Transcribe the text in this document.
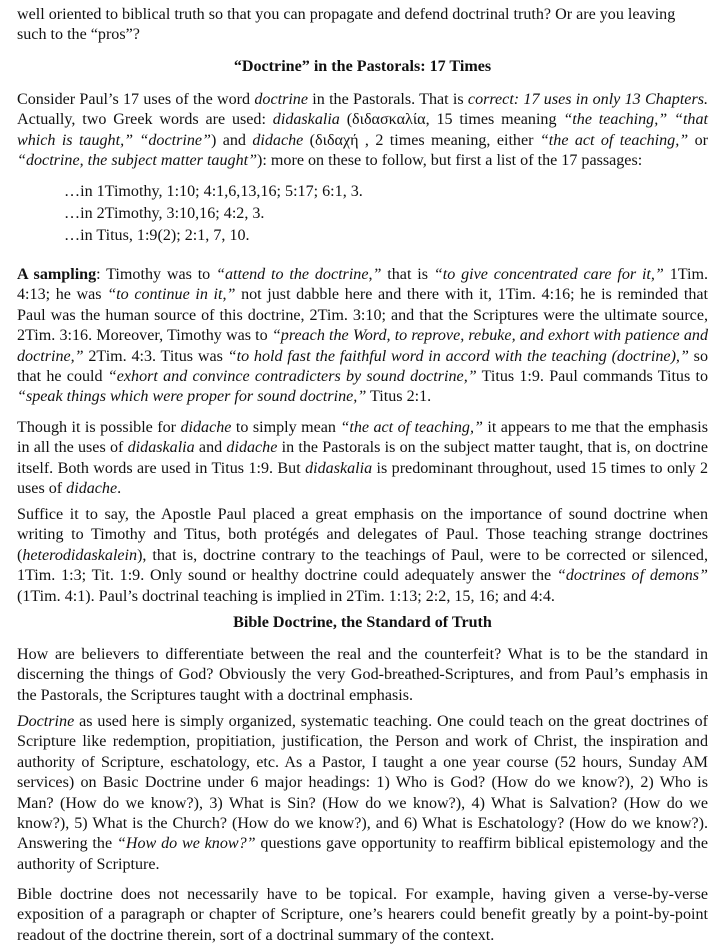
well oriented to biblical truth so that you can propagate and defend doctrinal truth? Or are you leaving
such to the “pros”?

“Doctrine” in the Pastorals: 17 Times

Consider Paul’s 17 uses of the word doctrine in the Pastorals. That is correct: 17 uses in only 13 Chapters. Actually, two Greek words are used: didaskalia (διδασκαλία, 15 times meaning “the teaching,” “that which is taught,” “doctrine”) and didache (διδαχή , 2 times meaning, either “the act of teaching,” or “doctrine, the subject matter taught”): more on these to follow, but first a list of the 17 passages:

…in 1Timothy, 1:10; 4:1,6,13,16; 5:17; 6:1, 3.
…in 2Timothy, 3:10,16; 4:2, 3.
…in Titus, 1:9(2); 2:1, 7, 10.

A sampling: Timothy was to “attend to the doctrine,” that is “to give concentrated care for it,” 1Tim. 4:13; he was “to continue in it,” not just dabble here and there with it, 1Tim. 4:16; he is reminded that Paul was the human source of this doctrine, 2Tim. 3:10; and that the Scriptures were the ultimate source, 2Tim. 3:16. Moreover, Timothy was to “preach the Word, to reprove, rebuke, and exhort with patience and doctrine,” 2Tim. 4:3. Titus was “to hold fast the faithful word in accord with the teaching (doctrine),” so that he could “exhort and convince contradicters by sound doctrine,” Titus 1:9. Paul commands Titus to “speak things which were proper for sound doctrine,” Titus 2:1.

Though it is possible for didache to simply mean “the act of teaching,” it appears to me that the emphasis in all the uses of didaskalia and didache in the Pastorals is on the subject matter taught, that is, on doctrine itself. Both words are used in Titus 1:9. But didaskalia is predominant throughout, used 15 times to only 2 uses of didache.

Suffice it to say, the Apostle Paul placed a great emphasis on the importance of sound doctrine when writing to Timothy and Titus, both protégés and delegates of Paul. Those teaching strange doctrines (heterodidaskalein), that is, doctrine contrary to the teachings of Paul, were to be corrected or silenced, 1Tim. 1:3; Tit. 1:9. Only sound or healthy doctrine could adequately answer the “doctrines of demons” (1Tim. 4:1). Paul’s doctrinal teaching is implied in 2Tim. 1:13; 2:2, 15, 16; and 4:4.

Bible Doctrine, the Standard of Truth

How are believers to differentiate between the real and the counterfeit? What is to be the standard in discerning the things of God? Obviously the very God-breathed-Scriptures, and from Paul’s emphasis in the Pastorals, the Scriptures taught with a doctrinal emphasis.

Doctrine as used here is simply organized, systematic teaching. One could teach on the great doctrines of Scripture like redemption, propitiation, justification, the Person and work of Christ, the inspiration and authority of Scripture, eschatology, etc. As a Pastor, I taught a one year course (52 hours, Sunday AM services) on Basic Doctrine under 6 major headings: 1) Who is God? (How do we know?), 2) Who is Man? (How do we know?), 3) What is Sin? (How do we know?), 4) What is Salvation? (How do we know?), 5) What is the Church? (How do we know?), and 6) What is Eschatology? (How do we know?). Answering the “How do we know?” questions gave opportunity to reaffirm biblical epistemology and the authority of Scripture.

Bible doctrine does not necessarily have to be topical. For example, having given a verse-by-verse exposition of a paragraph or chapter of Scripture, one’s hearers could benefit greatly by a point-by-point readout of the doctrine therein, sort of a doctrinal summary of the context.
